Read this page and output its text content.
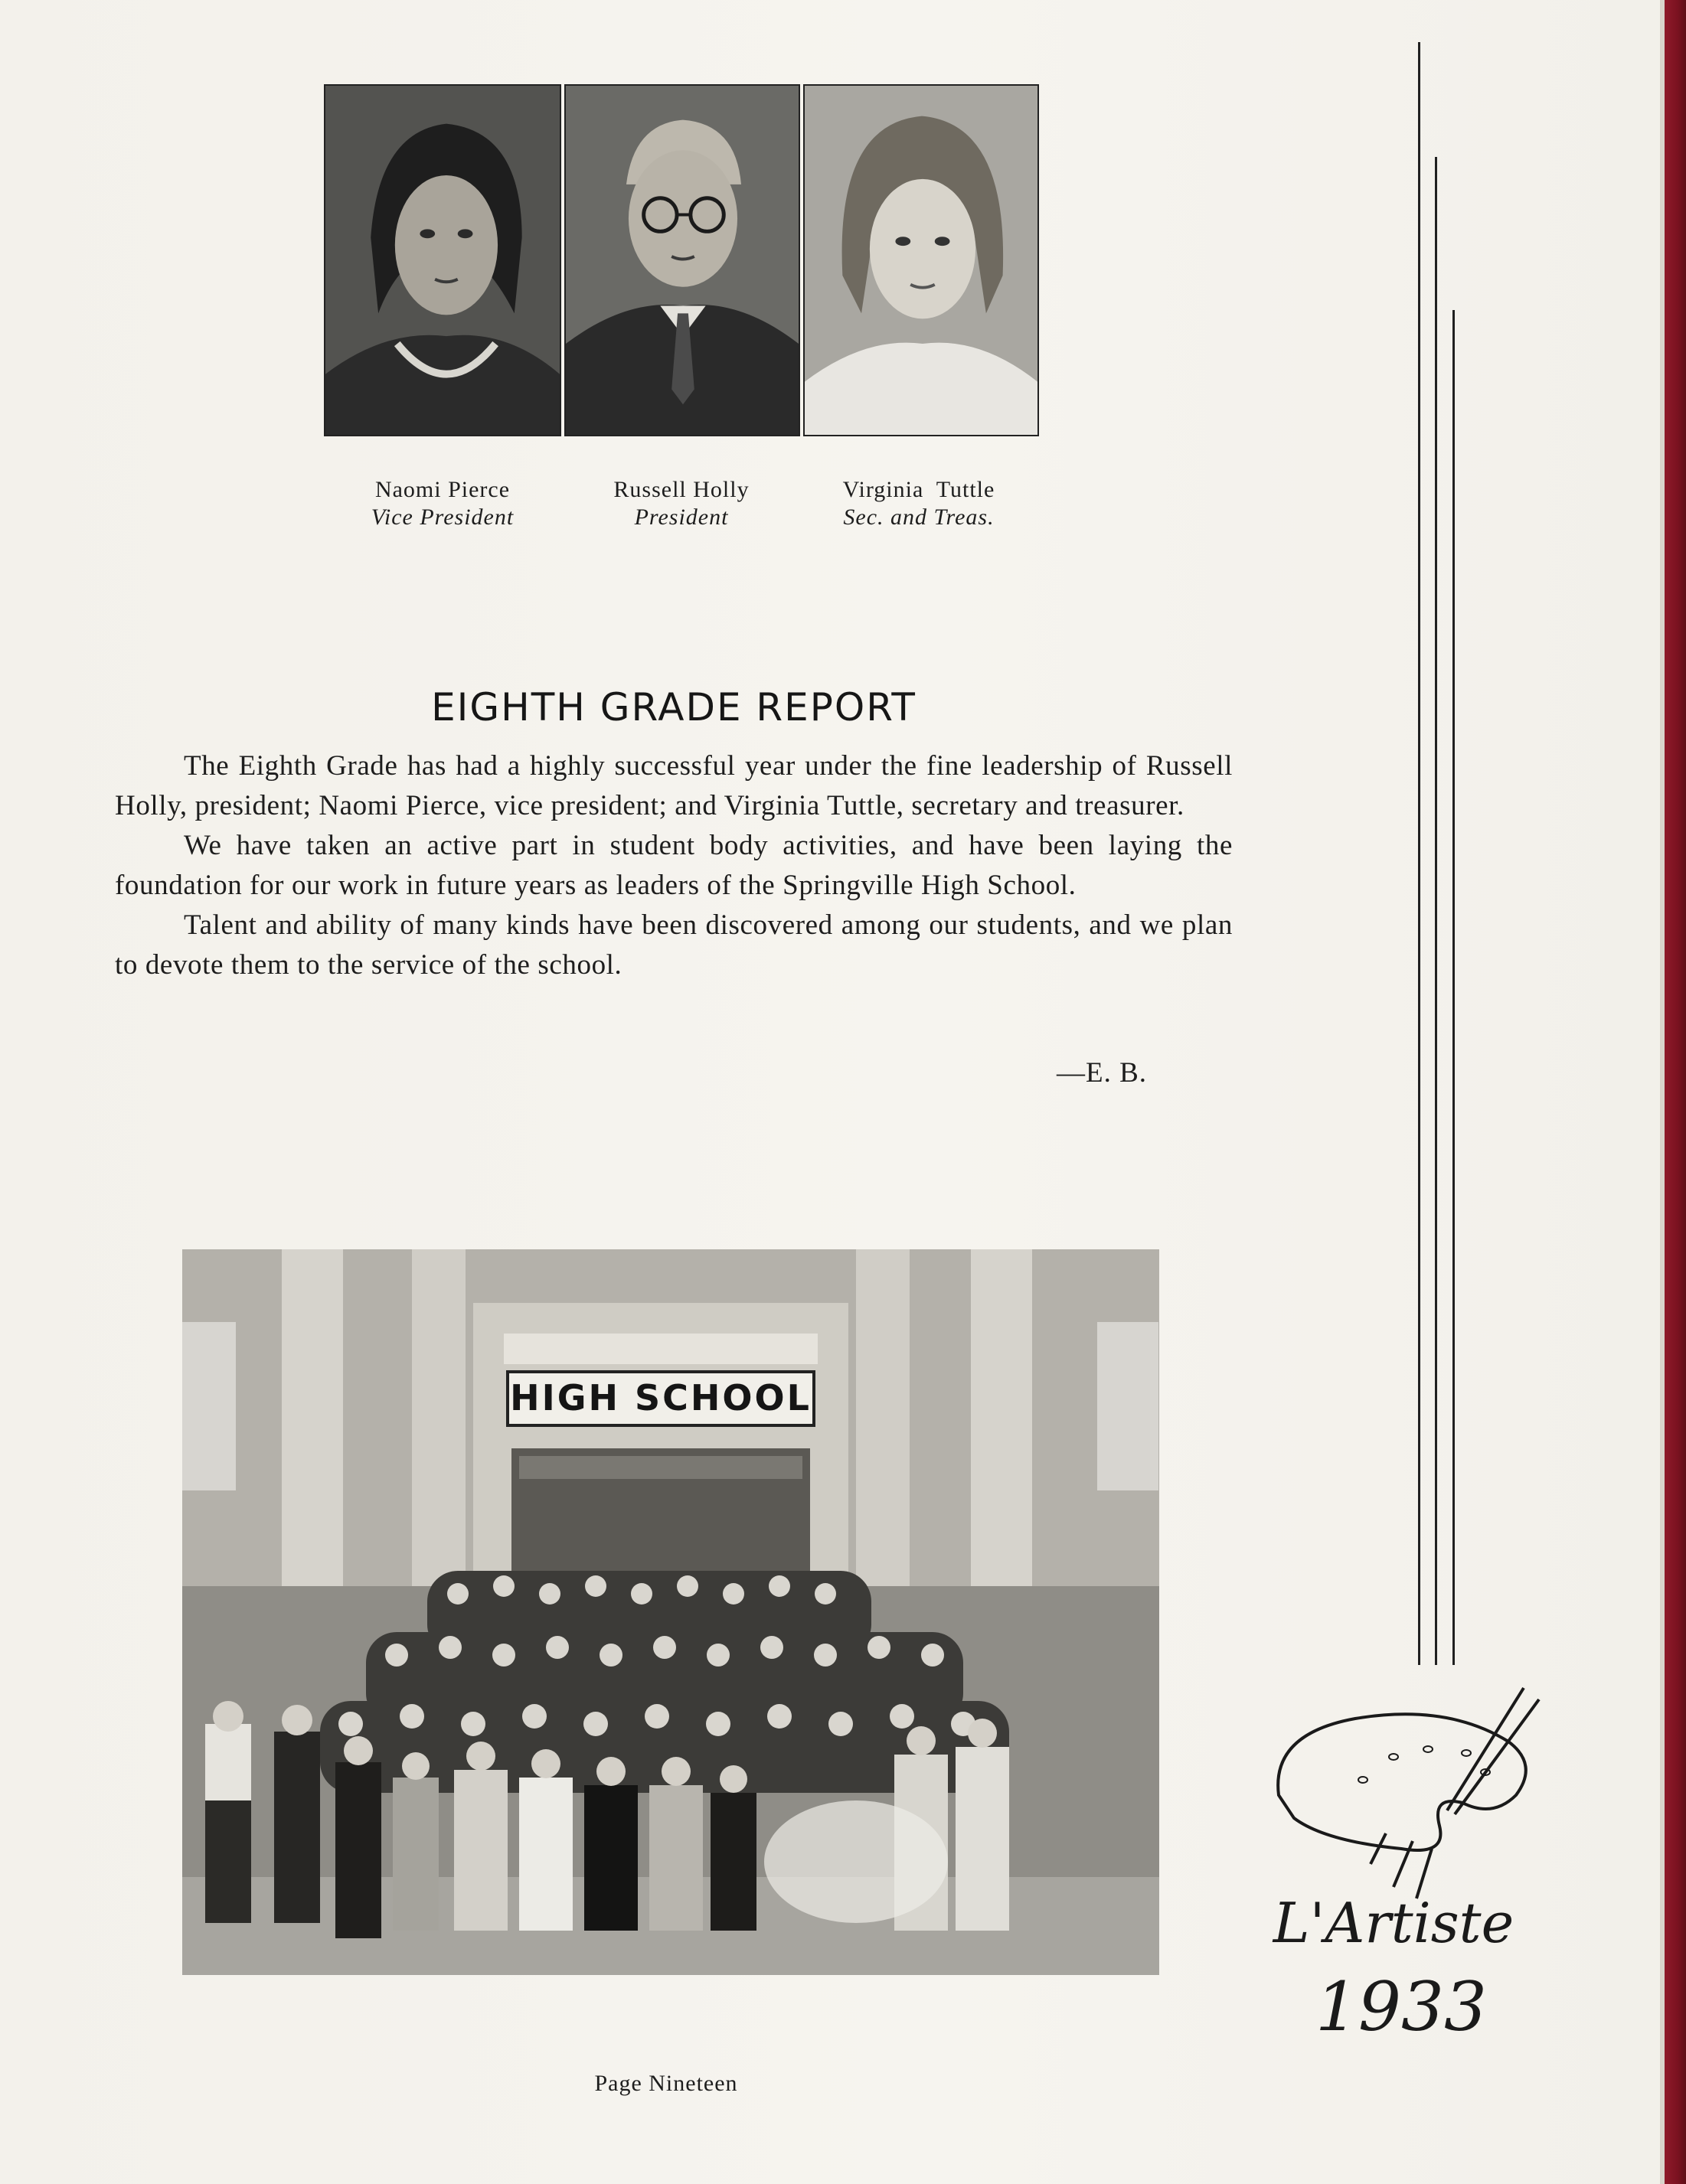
Naomi Pierce
Vice President
Russell Holly
President
Virginia  Tuttle
Sec. and Treas.
EIGHTH GRADE REPORT

The Eighth Grade has had a highly successful year under the fine leadership of Russell Holly, president; Naomi Pierce, vice president; and Virginia Tuttle, secretary and treasurer.

We have taken an active part in student body activities, and have been laying the foundation for our work in future years as leaders of the Springville High School.

Talent and ability of many kinds have been discovered among our students, and we plan to devote them to the service of the school.

—E. B.
HIGH SCHOOL
Page Nineteen
L'Artiste
1933
